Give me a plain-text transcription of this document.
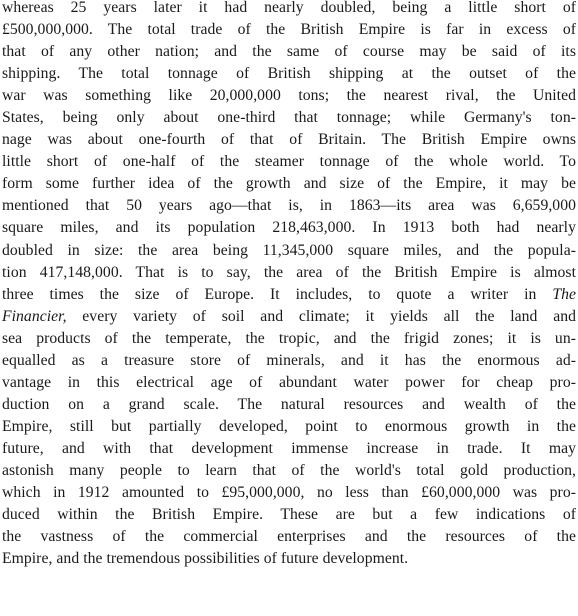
whereas 25 years later it had nearly doubled, being a little short of
£500,000,000. The total trade of the British Empire is far in excess of
that of any other nation; and the same of course may be said of its
shipping. The total tonnage of British shipping at the outset of the
war was something like 20,000,000 tons; the nearest rival, the United
States, being only about one-third that tonnage; while Germany's ton-
nage was about one-fourth of that of Britain. The British Empire owns
little short of one-half of the steamer tonnage of the whole world. To
form some further idea of the growth and size of the Empire, it may be
mentioned that 50 years ago—that is, in 1863—its area was 6,659,000
square miles, and its population 218,463,000. In 1913 both had nearly
doubled in size: the area being 11,345,000 square miles, and the popula-
tion 417,148,000. That is to say, the area of the British Empire is almost
three times the size of Europe. It includes, to quote a writer in The
Financier, every variety of soil and climate; it yields all the land and
sea products of the temperate, the tropic, and the frigid zones; it is un-
equalled as a treasure store of minerals, and it has the enormous ad-
vantage in this electrical age of abundant water power for cheap pro-
duction on a grand scale. The natural resources and wealth of the
Empire, still but partially developed, point to enormous growth in the
future, and with that development immense increase in trade. It may
astonish many people to learn that of the world's total gold production,
which in 1912 amounted to £95,000,000, no less than £60,000,000 was pro-
duced within the British Empire. These are but a few indications of
the vastness of the commercial enterprises and the resources of the
Empire, and the tremendous possibilities of future development.
